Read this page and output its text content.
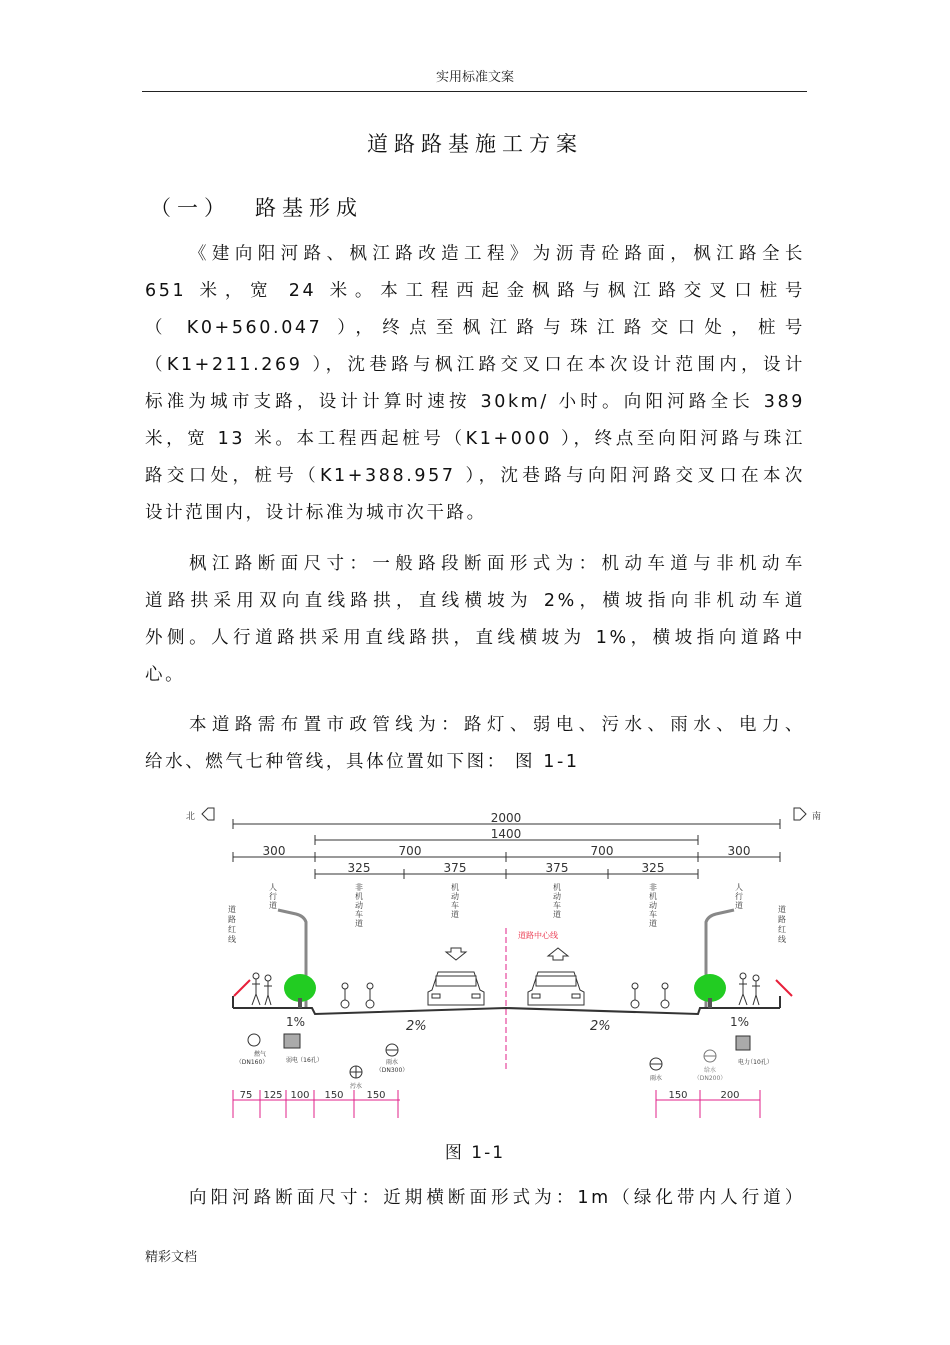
实用标准文案
道路路基施工方案
（一） 路基形成
《建向阳河路、枫江路改造工程》为沥青砼路面，枫江路全长
651 米，宽 24 米。本工程西起金枫路与枫江路交叉口桩号
（ K0+560.047 ），终点至枫江路与珠江路交口处，桩号
（K1+211.269 ），沈巷路与枫江路交叉口在本次设计范围内，设计
标准为城市支路，设计计算时速按 30km/ 小时。向阳河路全长 389
米，宽 13 米。本工程西起桩号（K1+000 ），终点至向阳河路与珠江
路交口处，桩号（K1+388.957 ），沈巷路与向阳河路交叉口在本次
设计范围内，设计标准为城市次干路。
枫江路断面尺寸：一般路段断面形式为：机动车道与非机动车
道路拱采用双向直线路拱，直线横坡为 2%，横坡指向非机动车道
外侧。人行道路拱采用直线路拱，直线横坡为 1%，横坡指向道路中
心。
本道路需布置市政管线为：路灯、弱电、污水、雨水、电力、
给水、燃气七种管线，具体位置如下图： 图 1-1
北	南
2000
1400
300	700	700	300
325	375	375	325
人行道
非机动车道
机动车道
机动车道
非机动车道
人行道
道路红线
道路红线
道路中心线
1%	2%	2%	1%
燃气
（DN160）	弱电 （16孔）
污水
雨水
（DN300）
雨水
给水
（DN200）
电力
（10孔）
75 125 100 150 150	150	200
图 1-1
向阳河路断面尺寸：近期横断面形式为：1m（绿化带内人行道）
精彩文档
